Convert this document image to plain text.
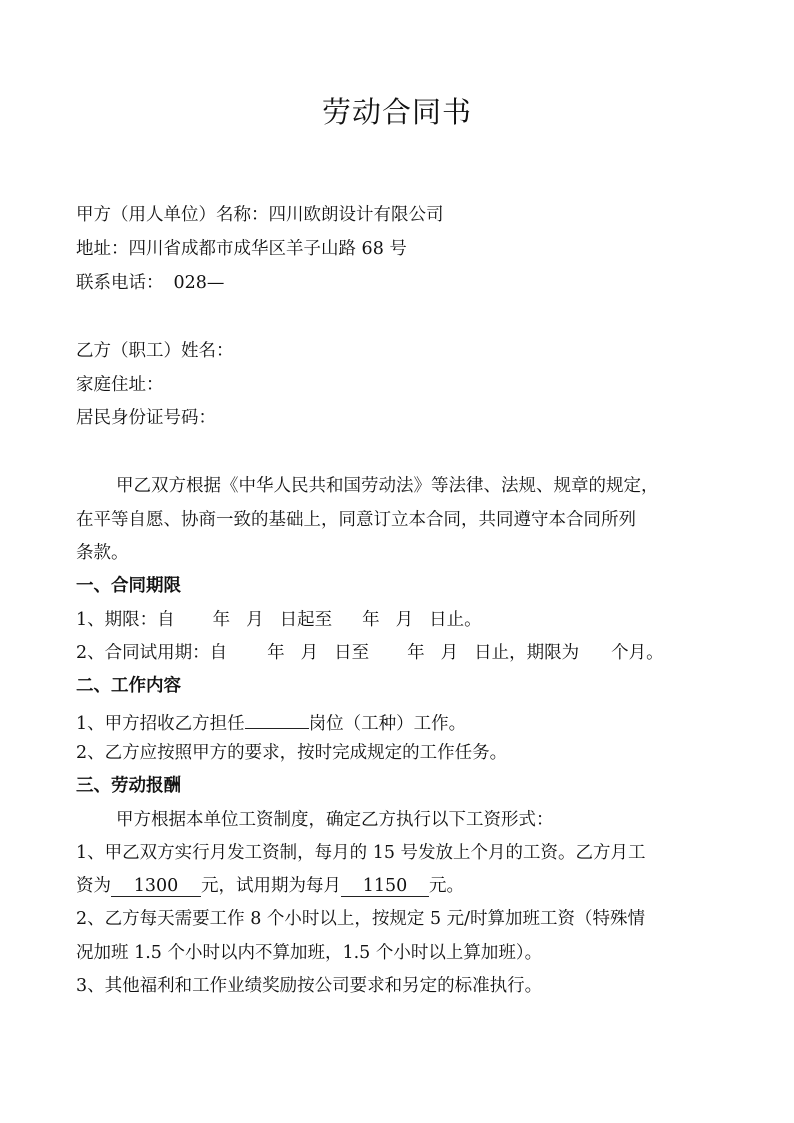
劳动合同书
甲方（用人单位）名称：四川欧朗设计有限公司
地址：四川省成都市成华区羊子山路 68 号
联系电话： 028—
乙方（职工）姓名：
家庭住址：
居民身份证号码：
甲乙双方根据《中华人民共和国劳动法》等法律、法规、规章的规定，
在平等自愿、协商一致的基础上，同意订立本合同，共同遵守本合同所列
条款。
一、合同期限
1、期限：自 年 月 日起至 年 月 日止。
2、合同试用期：自 年 月 日至 年 月 日止，期限为 个月。
二、工作内容
1、甲方招收乙方担任	岗位（工种）工作。
2、乙方应按照甲方的要求，按时完成规定的工作任务。
三、劳动报酬
甲方根据本单位工资制度，确定乙方执行以下工资形式：
1、甲乙双方实行月发工资制，每月的 15 号发放上个月的工资。乙方月工
资为 1300 元，试用期为每月 1150 元。
2、乙方每天需要工作 8 个小时以上，按规定 5 元/时算加班工资（特殊情
况加班 1.5 个小时以内不算加班，1.5 个小时以上算加班）。
3、其他福利和工作业绩奖励按公司要求和另定的标准执行。
